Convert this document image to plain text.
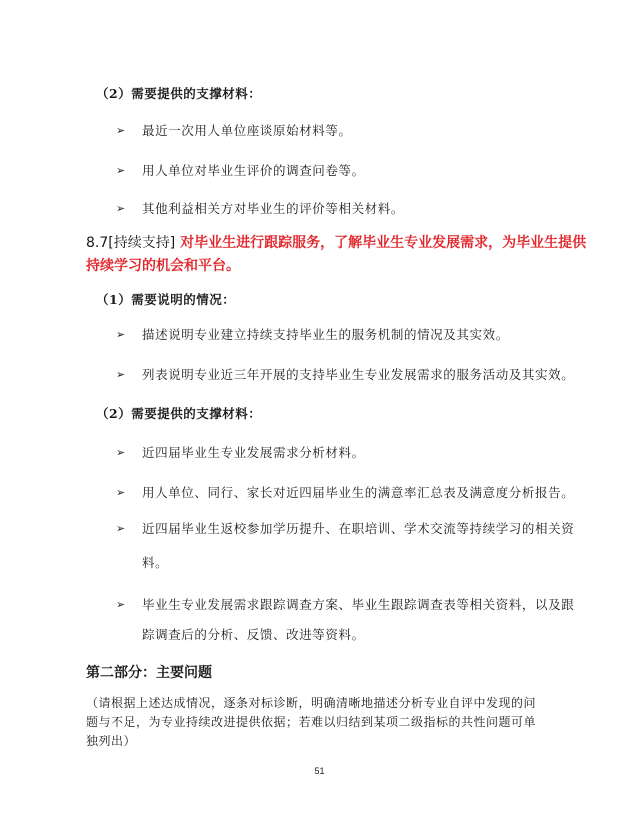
（2）需要提供的支撑材料：
➢ 最近一次用人单位座谈原始材料等。
➢ 用人单位对毕业生评价的调查问卷等。
➢ 其他利益相关方对毕业生的评价等相关材料。
8.7[持续支持] 对毕业生进行跟踪服务，了解毕业生专业发展需求，为毕业生提供
持续学习的机会和平台。
（1）需要说明的情况：
➢ 描述说明专业建立持续支持毕业生的服务机制的情况及其实效。
➢ 列表说明专业近三年开展的支持毕业生专业发展需求的服务活动及其实效。
（2）需要提供的支撑材料：
➢ 近四届毕业生专业发展需求分析材料。
➢ 用人单位、同行、家长对近四届毕业生的满意率汇总表及满意度分析报告。
➢ 近四届毕业生返校参加学历提升、在职培训、学术交流等持续学习的相关资
料。
➢ 毕业生专业发展需求跟踪调查方案、毕业生跟踪调查表等相关资料，以及跟
踪调查后的分析、反馈、改进等资料。
第二部分：主要问题
（请根据上述达成情况，逐条对标诊断，明确清晰地描述分析专业自评中发现的问
题与不足，为专业持续改进提供依据；若难以归结到某项二级指标的共性问题可单
独列出）
51
